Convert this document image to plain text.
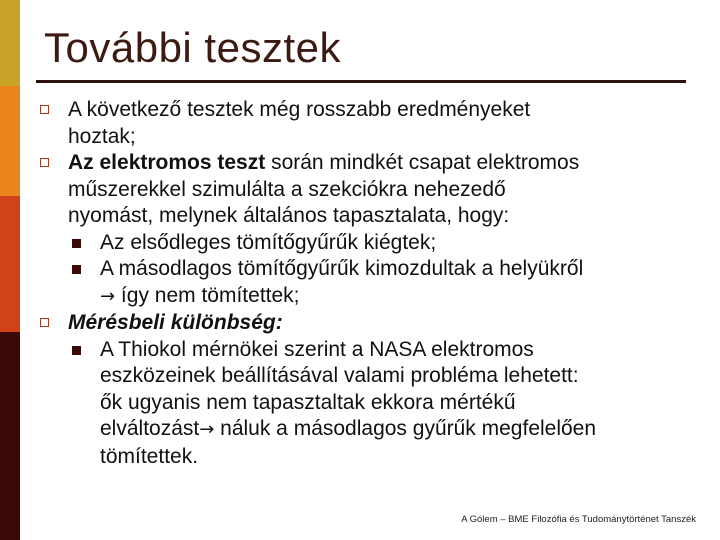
További tesztek
A következő tesztek még rosszabb eredményeket
hoztak;
Az elektromos teszt során mindkét csapat elektromos
műszerekkel szimulálta a szekciókra nehezedő
nyomást, melynek általános tapasztalata, hogy:
Az elsődleges tömítőgyűrűk kiégtek;
A másodlagos tömítőgyűrűk kimozdultak a helyükről
→ így nem tömítettek;
Mérésbeli különbség:
A Thiokol mérnökei szerint a NASA elektromos
eszközeinek beállításával valami probléma lehetett:
ők ugyanis nem tapasztaltak ekkora mértékű
elváltozást→ náluk a másodlagos gyűrűk megfelelően
tömítettek.
A Gólem – BME Filozófia és Tudománytörténet Tanszék
